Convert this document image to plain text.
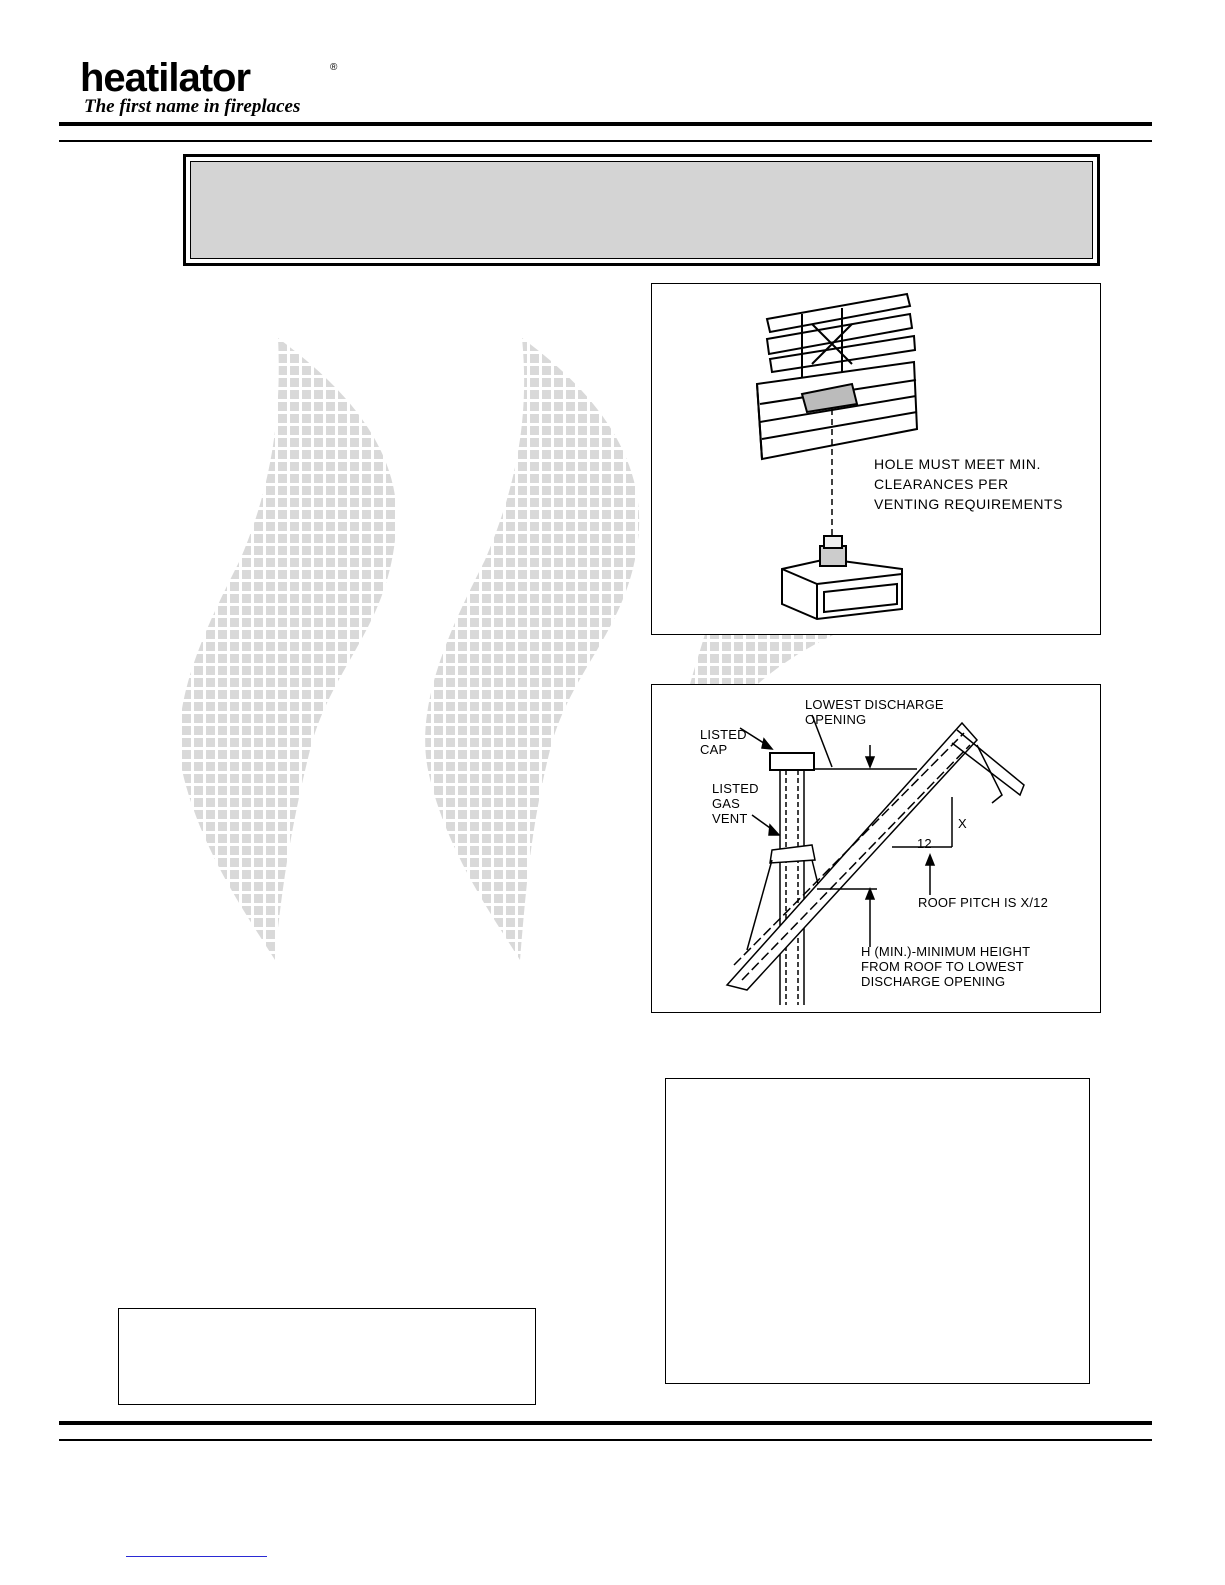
heatilator	®
The first name in fireplaces
HOLE MUST MEET MIN.
CLEARANCES PER
VENTING REQUIREMENTS
LOWEST DISCHARGE
OPENING
LISTED
CAP
LISTED
GAS
VENT	X
12
ROOF PITCH IS X/12
H (MIN.)-MINIMUM HEIGHT
FROM ROOF TO LOWEST
DISCHARGE OPENING
